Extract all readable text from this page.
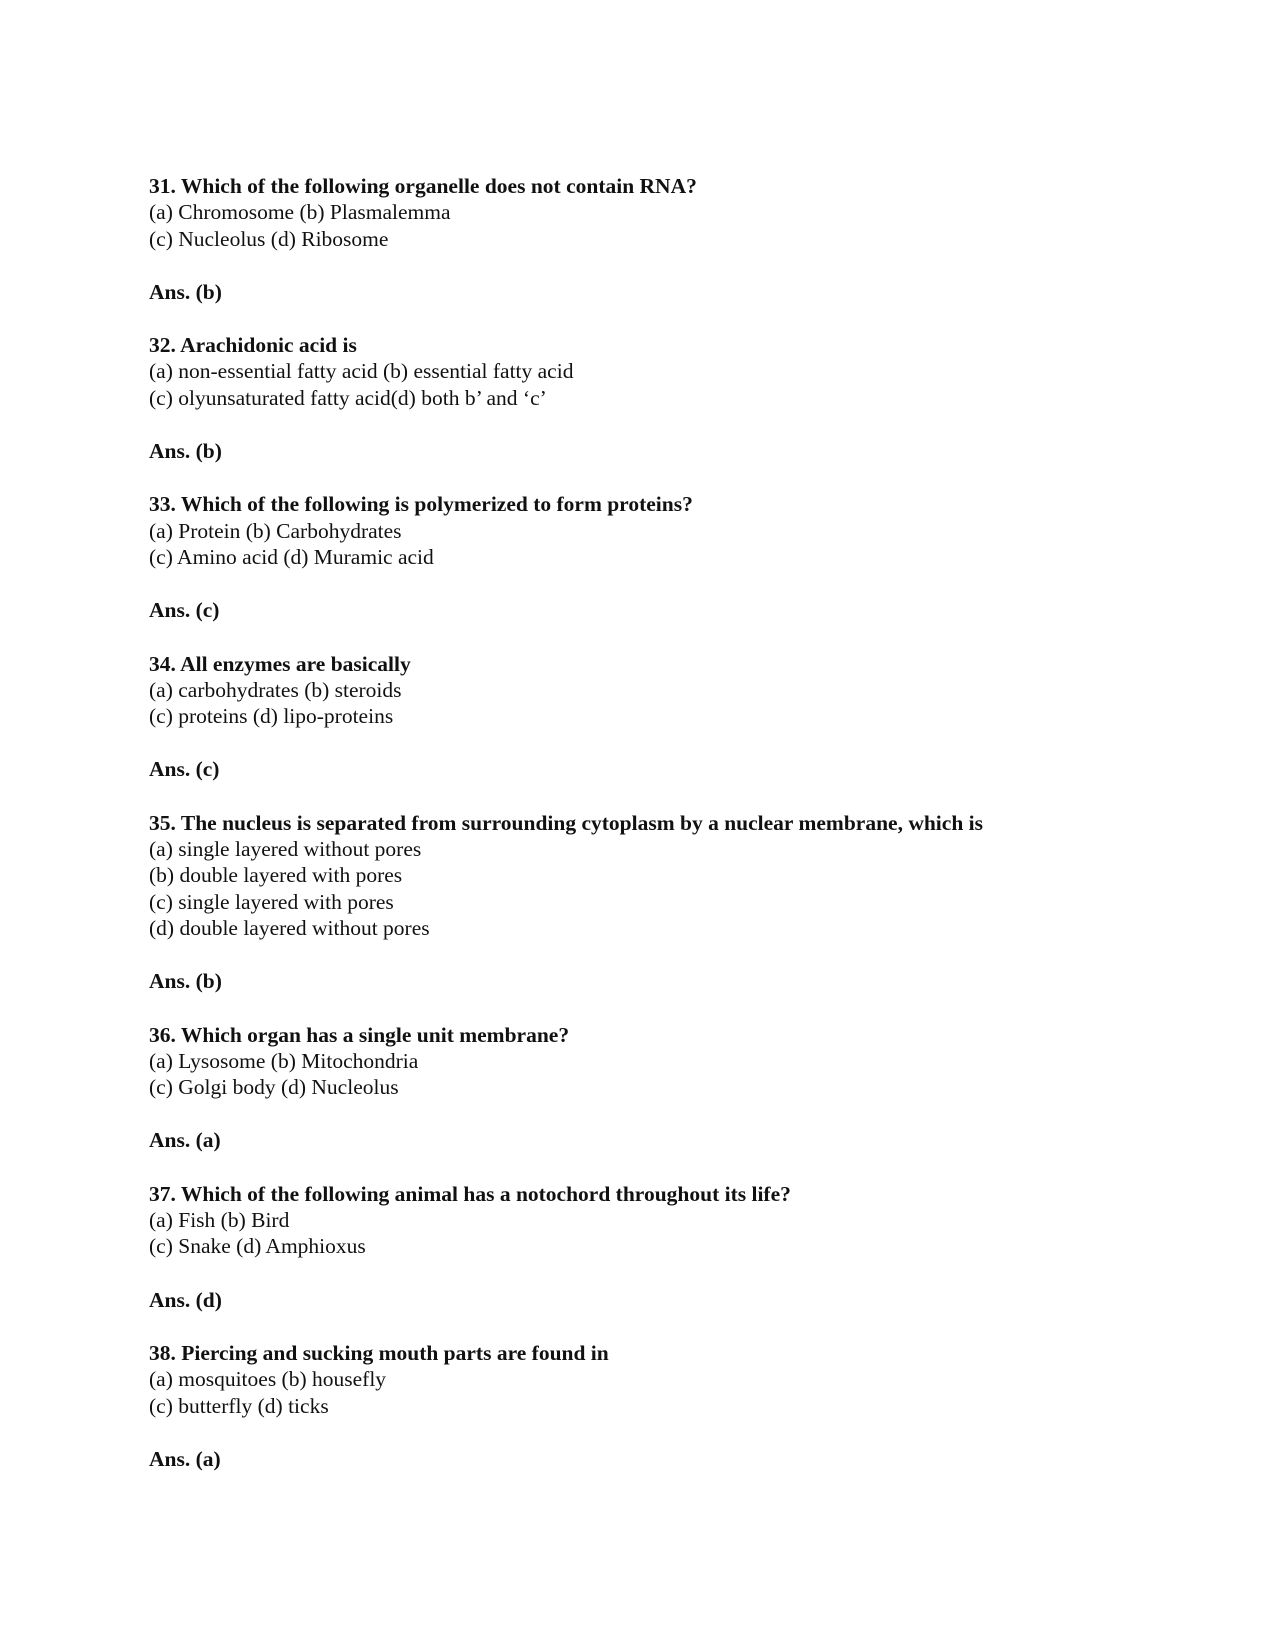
31. Which of the following organelle does not contain RNA?
(a) Chromosome (b) Plasmalemma
(c) Nucleolus (d) Ribosome
Ans. (b)
32. Arachidonic acid is
(a) non-essential fatty acid (b) essential fatty acid
(c) olyunsaturated fatty acid(d) both b’ and ‘c’
Ans. (b)
33. Which of the following is polymerized to form proteins?
(a) Protein (b) Carbohydrates
(c) Amino acid (d) Muramic acid
Ans. (c)
34. All enzymes are basically
(a) carbohydrates (b) steroids
(c) proteins (d) lipo-proteins
Ans. (c)
35. The nucleus is separated from surrounding cytoplasm by a nuclear membrane, which is
(a) single layered without pores
(b) double layered with pores
(c) single layered with pores
(d) double layered without pores
Ans. (b)
36. Which organ has a single unit membrane?
(a) Lysosome (b) Mitochondria
(c) Golgi body (d) Nucleolus
Ans. (a)
37. Which of the following animal has a notochord throughout its life?
(a) Fish (b) Bird
(c) Snake (d) Amphioxus
Ans. (d)
38. Piercing and sucking mouth parts are found in
(a) mosquitoes (b) housefly
(c) butterfly (d) ticks
Ans. (a)
